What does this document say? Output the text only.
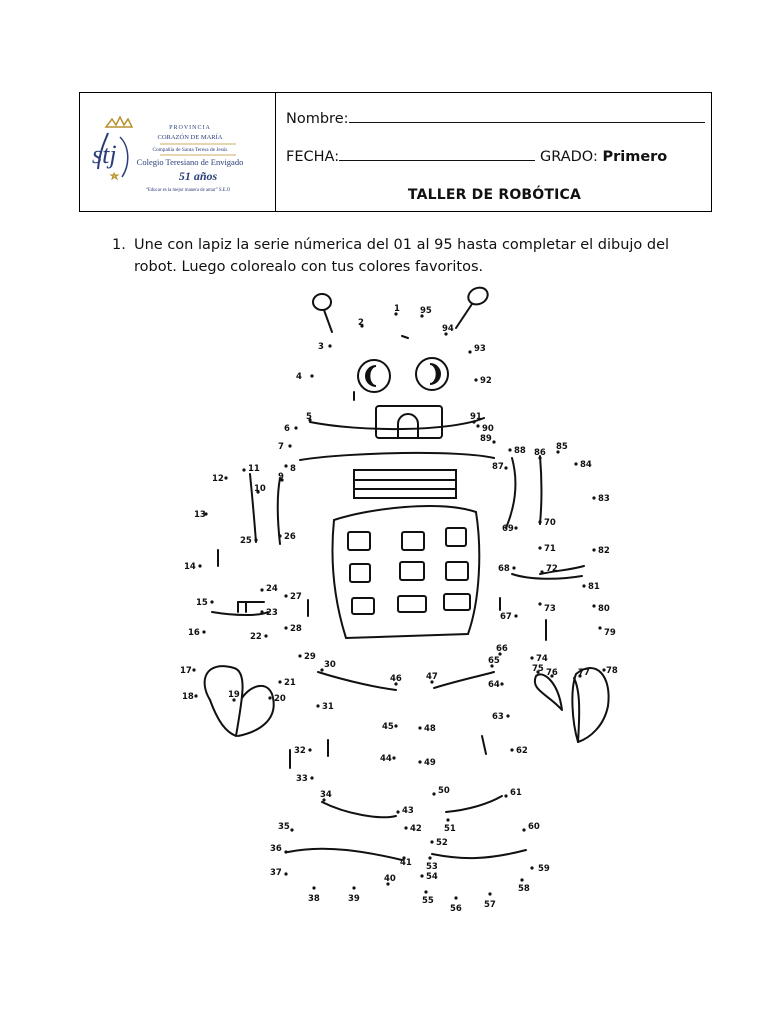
stj
PROVINCIA
CORAZÓN DE MARÍA
Compañía de Santa Teresa de Jesús
Colegio Teresiano de Envigado
51 años
“Educar es la mejor manera de amar” S.E.O
Nombre:
FECHA:	GRADO: Primero
TALLER DE ROBÓTICA
1. Une con lapiz la serie númerica del 01 al 95 hasta completar el dibujo del robot. Luego colorealo con tus colores favoritos.
1
2
3
4
5
6
7
8
9
10
11
12
13
14
15
16
17
18	19	20
21
22
23
24
25	26
27
28
29
30
31
32
33
34
35
36
37
38	39
40
41
42
43
44
45
46	47
48
49
50
51
52
53
54
55
56	57
58
59
60
61
62
63
64
65
66
67
68
69
70
71
72
73
74
75 76 77 78
79
80
81
82
83
84
85
86
87
88
89
90
91
92
93
94
95
